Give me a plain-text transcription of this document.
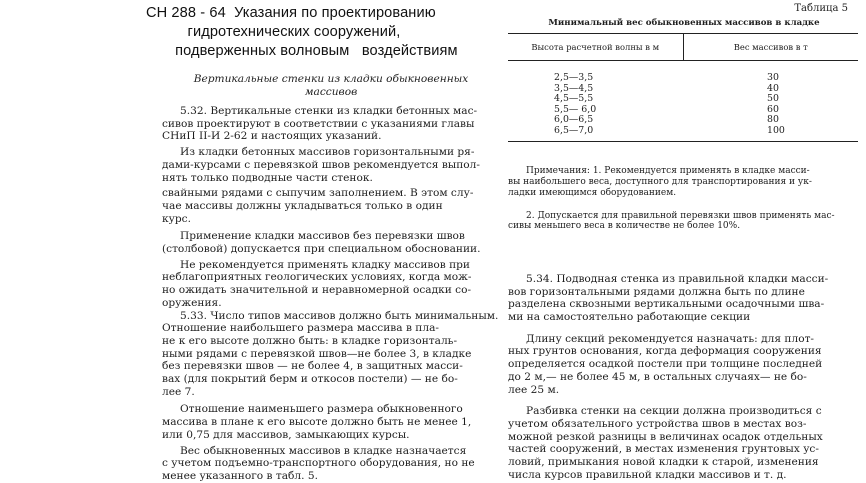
СН 288 - 64  Указания по проектированию
гидротехнических сооружений,
подверженных волновым   воздействиям
Вертикальные стенки из кладки обыкновенных
массивов

5.32. Вертикальные стенки из кладки бетонных мас-
сивов проектируют в соответствии с указаниями главы
СНиП II-И 2-62 и настоящих указаний.

Из кладки бетонных массивов горизонтальными ря-
дами-курсами с перевязкой швов рекомендуется выпол-
нять только подводные части стенок.

свайными рядами с сыпучим заполнением. В этом слу-
чае массивы должны укладываться только в один
курс.

Применение кладки массивов без перевязки швов
(столбовой) допускается при специальном обосновании.

Не рекомендуется применять кладку массивов при
неблагоприятных геологических условиях, когда мож-
но ожидать значительной и неравномерной осадки со-
оружения.

5.33. Число типов массивов должно быть минимальным.
Отношение наибольшего размера массива в пла-
не к его высоте должно быть: в кладке горизонталь-
ными рядами с перевязкой швов—не более 3, в кладке
без перевязки швов — не более 4, в защитных масси-
вах (для покрытий берм и откосов постели) — не бо-
лее 7.

Отношение наименьшего размера обыкновенного
массива в плане к его высоте должно быть не менее 1,
или 0,75 для массивов, замыкающих курсы.

Вес обыкновенных массивов в кладке назначается
с учетом подъемно-транспортного оборудования, но не
менее указанного в табл. 5.

Таблица 5
Минимальный вес обыкновенных массивов в кладке
Высота расчетной волны в м	Вес массивов в т
2,5—3,5	30
3,5—4,5	40
4,5—5,5	50
5,5— 6,0	60
6,0—6,5	80
6,5—7,0	100

Примечания: 1. Рекомендуется применять в кладке масси-
вы наибольшего веса, доступного для транспортирования и ук-
ладки имеющимся оборудованием.

2. Допускается для правильной перевязки швов применять мас-
сивы меньшего веса в количестве не более 10%.

5.34. Подводная стенка из правильной кладки масси-
вов горизонтальными рядами должна быть по длине
разделена сквозными вертикальными осадочными шва-
ми на самостоятельно работающие секции

Длину секций рекомендуется назначать: для плот-
ных грунтов основания, когда деформация сооружения
определяется осадкой постели при толщине последней
до 2 м,— не более 45 м, в остальных случаях— не бо-
лее 25 м.

Разбивка стенки на секции должна производиться с
учетом обязательного устройства швов в местах воз-
можной резкой разницы в величинах осадок отдельных
частей сооружений, в местах изменения грунтовых ус-
ловий, примыкания новой кладки к старой, изменения
числа курсов правильной кладки массивов и т. д.
